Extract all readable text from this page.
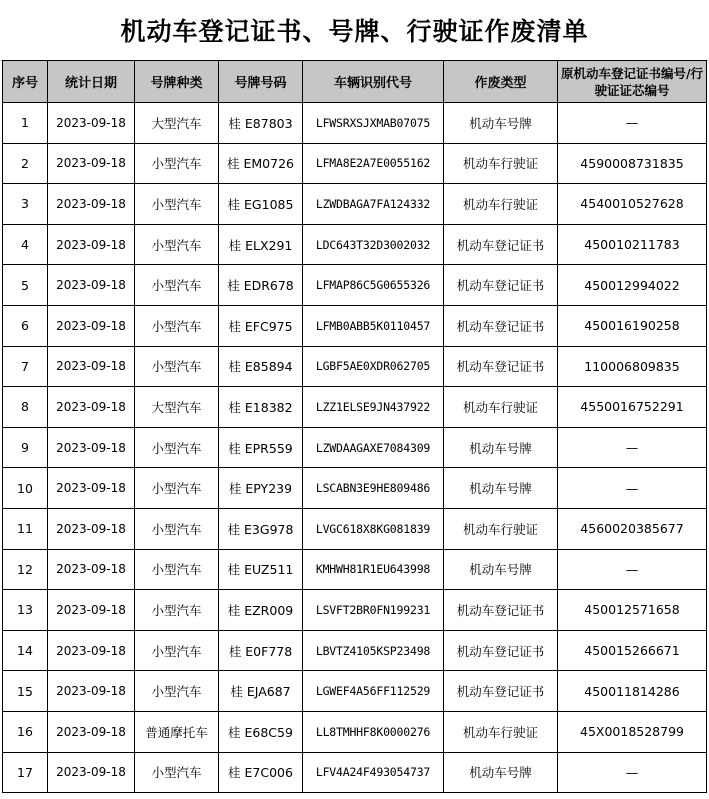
机动车登记证书、号牌、行驶证作废清单
序号	统计日期	号牌种类	号牌号码	车辆识别代号	作废类型	原机动车登记证书编号/行驶证证芯编号
1	2023-09-18	大型汽车	桂 E87803	LFWSRXSJXMAB07075	机动车号牌	—
2	2023-09-18	小型汽车	桂 EM0726	LFMA8E2A7E0055162	机动车行驶证	4590008731835
3	2023-09-18	小型汽车	桂 EG1085	LZWDBAGA7FA124332	机动车行驶证	4540010527628
4	2023-09-18	小型汽车	桂 ELX291	LDC643T32D3002032	机动车登记证书	450010211783
5	2023-09-18	小型汽车	桂 EDR678	LFMAP86C5G0655326	机动车登记证书	450012994022
6	2023-09-18	小型汽车	桂 EFC975	LFMB0ABB5K0110457	机动车登记证书	450016190258
7	2023-09-18	小型汽车	桂 E85894	LGBF5AE0XDR062705	机动车登记证书	110006809835
8	2023-09-18	大型汽车	桂 E18382	LZZ1ELSE9JN437922	机动车行驶证	4550016752291
9	2023-09-18	小型汽车	桂 EPR559	LZWDAAGAXE7084309	机动车号牌	—
10	2023-09-18	小型汽车	桂 EPY239	LSCABN3E9HE809486	机动车号牌	—
11	2023-09-18	小型汽车	桂 E3G978	LVGC618X8KG081839	机动车行驶证	4560020385677
12	2023-09-18	小型汽车	桂 EUZ511	KMHWH81R1EU643998	机动车号牌	—
13	2023-09-18	小型汽车	桂 EZR009	LSVFT2BR0FN199231	机动车登记证书	450012571658
14	2023-09-18	小型汽车	桂 E0F778	LBVTZ4105KSP23498	机动车登记证书	450015266671
15	2023-09-18	小型汽车	桂 EJA687	LGWEF4A56FF112529	机动车登记证书	450011814286
16	2023-09-18	普通摩托车	桂 E68C59	LL8TMHHF8K0000276	机动车行驶证	45X0018528799
17	2023-09-18	小型汽车	桂 E7C006	LFV4A24F493054737	机动车号牌	—
